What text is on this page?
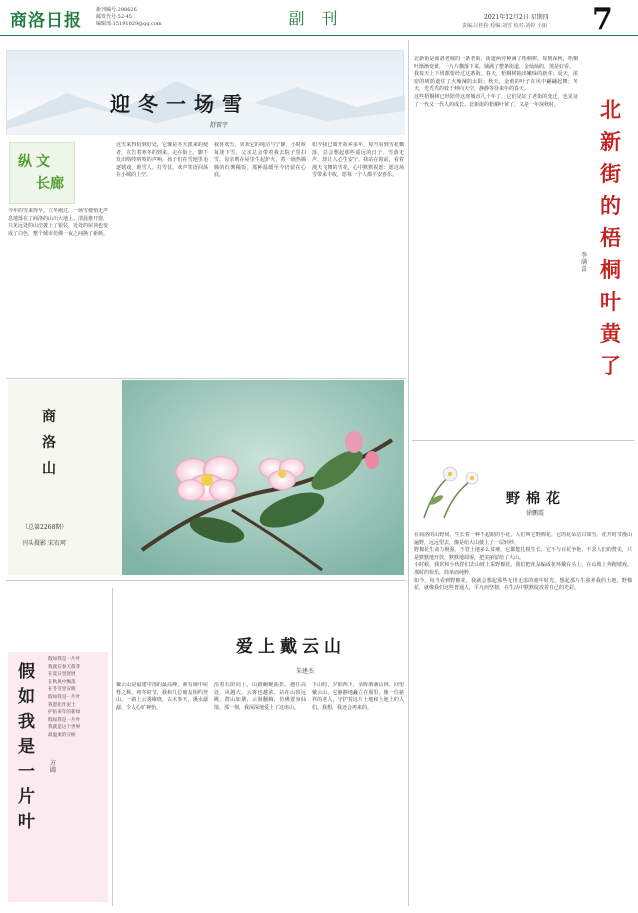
商洛日报
新刊编号:298626
邮发代号:52-45
编辑部:15191029@qq.com	副 刊	2021年12月2日 星期四
责编:吕桂粉 校编:刘雪 校对:刘婷 小丽 7
迎冬一场雪
舒雷宇
纵 文
长廊

今年的雪来得早。立冬刚过，一场雪便悄无声息地落在了商洛的山川大地上。清晨推开窗，只见远处的山峦披上了银装，近处的屋顶也变成了白色，整个城市仿佛一夜之间换了新颜。

这雪来得恰到好处，它像是冬天派来的使者，宣告着寒冬的到来。走在街上，脚下发出咯吱咯吱的声响，孩子们在雪地里追逐嬉戏，堆雪人、打雪仗，欢声笑语回荡在小城的上空。

我喜欢雪，喜欢它的纯洁与宁静。小时候每逢下雪，父亲总会带着我去院子里扫雪，母亲则在屋里生起炉火，煮一锅热腾腾的红薯稀饭。那种温暖至今仍留在心底。

如今我已离开故乡多年，每当看到雪花飘落，总会想起那些遥远的日子。雪落无声，却让人心生安宁。我站在窗前，看着漫天飞舞的雪花，心中默默祝愿：愿这场雪带来丰收，愿每一个人都平安喜乐。

商洛山
（总第2268期）
刊头摄影 宋宥珂
假如我是一片叶
方圆
假如我是一片叶
我就在春天萌芽
在夏日里舒展
在秋风中飘落
在冬雪里安眠
假如我是一片叶
我愿化作泥土
护佑来年的新绿
假如我是一片叶
我就是这个世界
最温柔的守候
爱上戴云山
朱建杰

戴云山是福建中部的最高峰，素有闽中屋脊之称。初冬时节，我和几位朋友相约登山，一路上云雾缭绕，古木参天，溪水潺潺，令人心旷神怡。

沿着石阶向上，山路蜿蜒曲折。越往高处，风越大，云雾也越浓。站在山顶远眺，群山如黛，云海翻腾，仿佛置身仙境。那一刻，我深深地爱上了这座山。

下山时，夕阳西下，余晖洒满山林。回望戴云山，它静静地矗立在那里，像一位慈祥的老人，守护着这片土地和土地上的人们。我想，我还会再来的。

北新街是商洛老城的一条老街，街道两旁种满了梧桐树。每到深秋，梧桐叶渐渐变黄，一片片飘落下来，铺满了整条街道，金灿灿的，煞是好看。

我每天上下班都要经过这条街。春天，梧桐树抽出嫩绿的新芽；夏天，浓密的树荫遮住了火辣辣的太阳；秋天，金黄的叶子在风中翩翩起舞；冬天，光秃秃的枝干伸向天空，静静等待来年的春天。

这些梧桐树已经陪伴这座城市几十年了，它们见证了老街的变迁，也见证了一代又一代人的成长。北新街的梧桐叶黄了，又是一年深秋时。	北新街的梧桐叶黄了
李满喜
野棉花
徐鹏霞

在商洛的山野间，生长着一种不起眼的小花，人们叫它野棉花。它的花朵洁白如雪，花开时节漫山遍野，远远望去，像是给大山披上了一层轻纱。

野棉花生命力极强，不管土地多么贫瘠，它都能扎根生长。它不与百花争艳，不求人们的赞美，只是默默地开放，默默地凋零，把美丽留给了大山。

小时候，我常和小伙伴们去山坡上采野棉花。我们把花朵编成花环戴在头上，在山坡上奔跑嬉戏。那时的快乐，简单而纯粹。

如今，每当看到野棉花，我就会想起那些无忧无虑的童年时光，想起那片生我养我的土地。野棉花，就像我们这些普通人，平凡而坚韧，在生活中默默绽放着自己的光彩。
